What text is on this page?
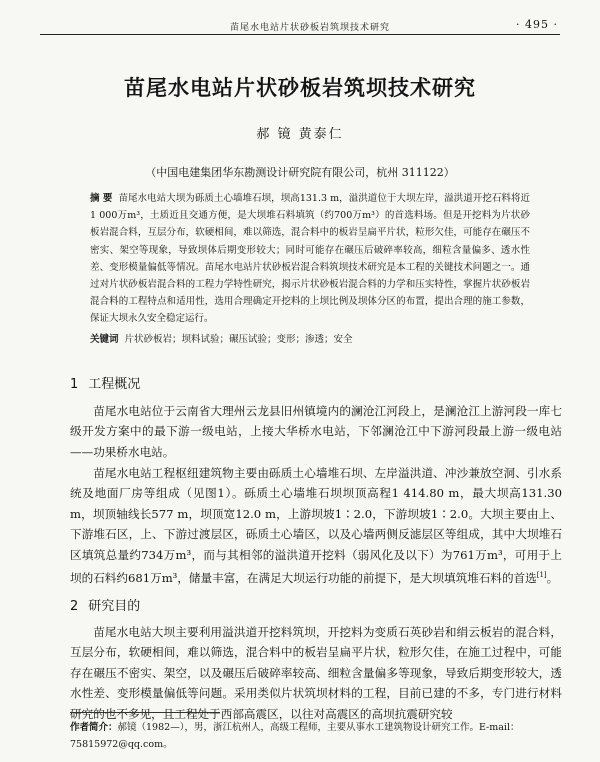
苗尾水电站片状砂板岩筑坝技术研究	· 495 ·
苗尾水电站片状砂板岩筑坝技术研究
郝 镜 黄泰仁
（中国电建集团华东勘测设计研究院有限公司，杭州 311122）
摘 要 苗尾水电站大坝为砾质土心墙堆石坝，坝高131.3 m，溢洪道位于大坝左岸，溢洪道开挖石料将近1 000万m³，土质近且交通方便，是大坝堆石料填筑（约700万m³）的首选料场。但是开挖料为片状砂板岩混合料，互层分布，软硬相间，难以筛选，混合料中的板岩呈扁平片状，粒形欠佳，可能存在碾压不密实、架空等现象，导致坝体后期变形较大；同时可能存在碾压后破碎率较高，细粒含量偏多、透水性差、变形模量偏低等情况。苗尾水电站片状砂板岩混合料筑坝技术研究是本工程的关键技术问题之一。通过对片状砂板岩混合料的工程力学特性研究，揭示片状砂板岩混合料的力学和压实特性，掌握片状砂板岩混合料的工程特点和适用性，选用合理确定开挖料的上坝比例及坝体分区的布置，提出合理的施工参数，保证大坝永久安全稳定运行。
关键词 片状砂板岩；坝料试验；碾压试验；变形；渗透；安全
1 工程概况
苗尾水电站位于云南省大理州云龙县旧州镇境内的澜沧江河段上，是澜沧江上游河段一库七级开发方案中的最下游一级电站，上接大华桥水电站，下邻澜沧江中下游河段最上游一级电站——功果桥水电站。
苗尾水电站工程枢纽建筑物主要由砾质土心墙堆石坝、左岸溢洪道、冲沙兼放空洞、引水系统及地面厂房等组成（见图1）。砾质土心墙堆石坝坝顶高程1 414.80 m，最大坝高131.30 m，坝顶轴线长577 m，坝顶宽12.0 m，上游坝坡1∶2.0，下游坝坡1∶2.0。大坝主要由上、下游堆石区，上、下游过渡层区，砾质土心墙区，以及心墙两侧反滤层区等组成，其中大坝堆石区填筑总量约734万m³，而与其相邻的溢洪道开挖料（弱风化及以下）为761万m³，可用于上坝的石料约681万m³，储量丰富，在满足大坝运行功能的前提下，是大坝填筑堆石料的首选[1]。
2 研究目的
苗尾水电站大坝主要利用溢洪道开挖料筑坝，开挖料为变质石英砂岩和绢云板岩的混合料，互层分布，软硬相间，难以筛选，混合料中的板岩呈扁平片状，粒形欠佳，在施工过程中，可能存在碾压不密实、架空，以及碾压后破碎率较高、细粒含量偏多等现象，导致后期变形较大，透水性差、变形模量偏低等问题。采用类似片状筑坝材料的工程，目前已建的不多，专门进行材料研究的也不多见，且工程处于西部高震区，以往对高震区的高坝抗震研究较
作者简介：郝镜（1982—），男，浙江杭州人，高级工程师，主要从事水工建筑物设计研究工作。E-mail：75815972@qq.com。
